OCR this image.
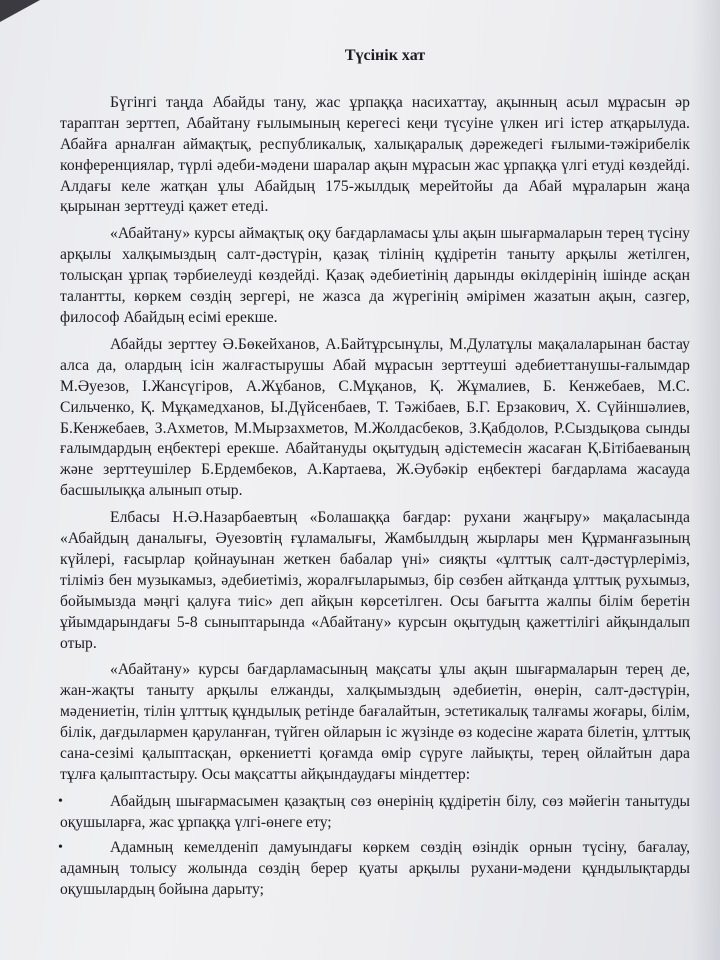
Түсінік хат

Бүгінгі таңда Абайды тану, жас ұрпаққа насихаттау, ақынның асыл мұрасын әр тараптан зерттеп, Абайтану ғылымының керегесі кеңи түсуіне үлкен игі істер атқарылуда. Абайға арналған аймақтық, республикалық, халықаралық дәрежедегі ғылыми-тәжірибелік конференциялар, түрлі әдеби-мәдени шаралар ақын мұрасын жас ұрпаққа үлгі етуді көздейді. Алдағы келе жатқан ұлы Абайдың 175-жылдық мерейтойы да Абай мұраларын жаңа қырынан зерттеуді қажет етеді.

«Абайтану» курсы аймақтық оқу бағдарламасы ұлы ақын шығармаларын терең түсіну арқылы халқымыздың салт-дәстүрін, қазақ тілінің құдіретін таныту арқылы жетілген, толысқан ұрпақ тәрбиелеуді көздейді. Қазақ әдебиетінің дарынды өкілдерінің ішінде асқан талантты, көркем сөздің зергері, не жазса да жүрегінің әмірімен жазатын ақын, сазгер, философ Абайдың есімі ерекше.

Абайды зерттеу Ә.Бөкейханов, А.Байтұрсынұлы, М.Дулатұлы мақалаларынан бастау алса да, олардың ісін жалғастырушы Абай мұрасын зерттеуші әдебиеттанушы-ғалымдар М.Әуезов, І.Жансүгіров, А.Жұбанов, С.Мұқанов, Қ. Жұмалиев, Б. Кенжебаев, М.С. Сильченко, Қ. Мұқамедханов, Ы.Дүйсенбаев, Т. Тәжібаев, Б.Г. Ерзакович, Х. Сүйіншәлиев, Б.Кенжебаев, З.Ахметов, М.Мырзахметов, М.Жолдасбеков, З.Қабдолов, Р.Сыздықова сынды ғалымдардың еңбектері ерекше. Абайтануды оқытудың әдістемесін жасаған Қ.Бітібаеваның және зерттеушілер Б.Ердембеков, А.Картаева, Ж.Әубәкір еңбектері бағдарлама жасауда басшылыққа алынып отыр.

Елбасы Н.Ә.Назарбаевтың «Болашаққа бағдар: рухани жаңғыру» мақаласында «Абайдың даналығы, Әуезовтің ғұламалығы, Жамбылдың жырлары мен Құрманғазының күйлері, ғасырлар қойнауынан жеткен бабалар үні» сияқты «ұлттық салт-дәстүрлеріміз, тіліміз бен музыкамыз, әдебиетіміз, жоралғыларымыз, бір сөзбен айтқанда ұлттық рухымыз, бойымызда мәңгі қалуға тиіс» деп айқын көрсетілген. Осы бағытта жалпы білім беретін ұйымдарындағы 5-8 сыныптарында «Абайтану» курсын оқытудың қажеттілігі айқындалып отыр.

«Абайтану» курсы бағдарламасының мақсаты ұлы ақын шығармаларын терең де, жан-жақты таныту арқылы елжанды, халқымыздың әдебиетін, өнерін, салт-дәстүрін, мәдениетін, тілін ұлттық құндылық ретінде бағалайтын, эстетикалық талғамы жоғары, білім, білік, дағдылармен қаруланған, түйген ойларын іс жүзінде өз кодесіне жарата білетін, ұлттық сана-сезімі қалыптасқан, өркениетті қоғамда өмір сүруге лайықты, терең ойлайтын дара тұлға қалыптастыру. Осы мақсатты айқындаудағы міндеттер:

•	Абайдың шығармасымен қазақтың сөз өнерінің құдіретін білу, сөз мәйегін танытуды оқушыларға, жас ұрпаққа үлгі-өнеге ету;
•	Адамның кемелденіп дамуындағы көркем сөздің өзіндік орнын түсіну, бағалау, адамның толысу жолында сөздің берер қуаты арқылы рухани-мәдени құндылықтарды оқушылардың бойына дарыту;
